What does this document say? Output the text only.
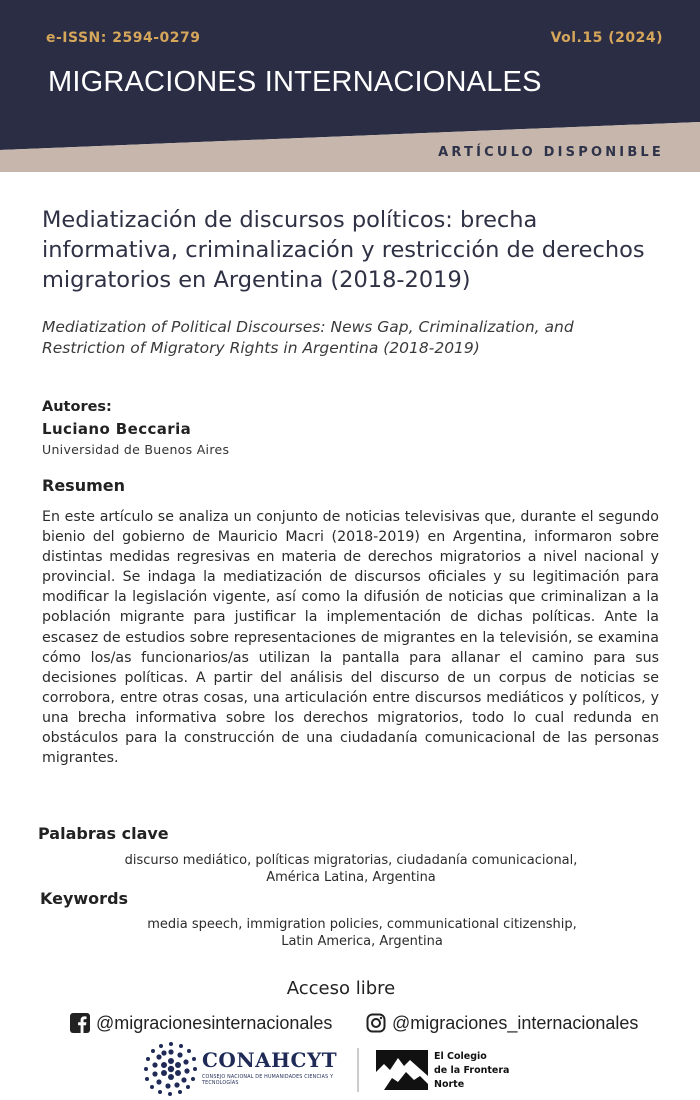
e-ISSN: 2594-0279	Vol.15 (2024)
MIGRACIONES INTERNACIONALES
ARTÍCULO DISPONIBLE
Mediatización de discursos políticos: brecha informativa, criminalización y restricción de derechos migratorios en Argentina (2018-2019)
Mediatization of Political Discourses: News Gap, Criminalization, and Restriction of Migratory Rights in Argentina (2018-2019)
Autores:
Luciano Beccaria
Universidad de Buenos Aires
Resumen
En este artículo se analiza un conjunto de noticias televisivas que, durante el segundo bienio del gobierno de Mauricio Macri (2018-2019) en Argentina, informaron sobre distintas medidas regresivas en materia de derechos migratorios a nivel nacional y provincial. Se indaga la mediatización de discursos oficiales y su legitimación para modificar la legislación vigente, así como la difusión de noticias que criminalizan a la población migrante para justificar la implementación de dichas políticas. Ante la escasez de estudios sobre representaciones de migrantes en la televisión, se examina cómo los/as funcionarios/as utilizan la pantalla para allanar el camino para sus decisiones políticas. A partir del análisis del discurso de un corpus de noticias se corrobora, entre otras cosas, una articulación entre discursos mediáticos y políticos, y una brecha informativa sobre los derechos migratorios, todo lo cual redunda en obstáculos para la construcción de una ciudadanía comunicacional de las personas migrantes.
Palabras clave
discurso mediático, políticas migratorias, ciudadanía comunicacional,
América Latina, Argentina
Keywords
media speech, immigration policies, communicational citizenship,
Latin America, Argentina
Acceso libre
@migracionesinternacionales	@migraciones_internacionales
CONAHCYT
CONSEJO NACIONAL DE HUMANIDADES CIENCIAS Y TECNOLOGÍAS
El Colegio
de la Frontera
Norte
